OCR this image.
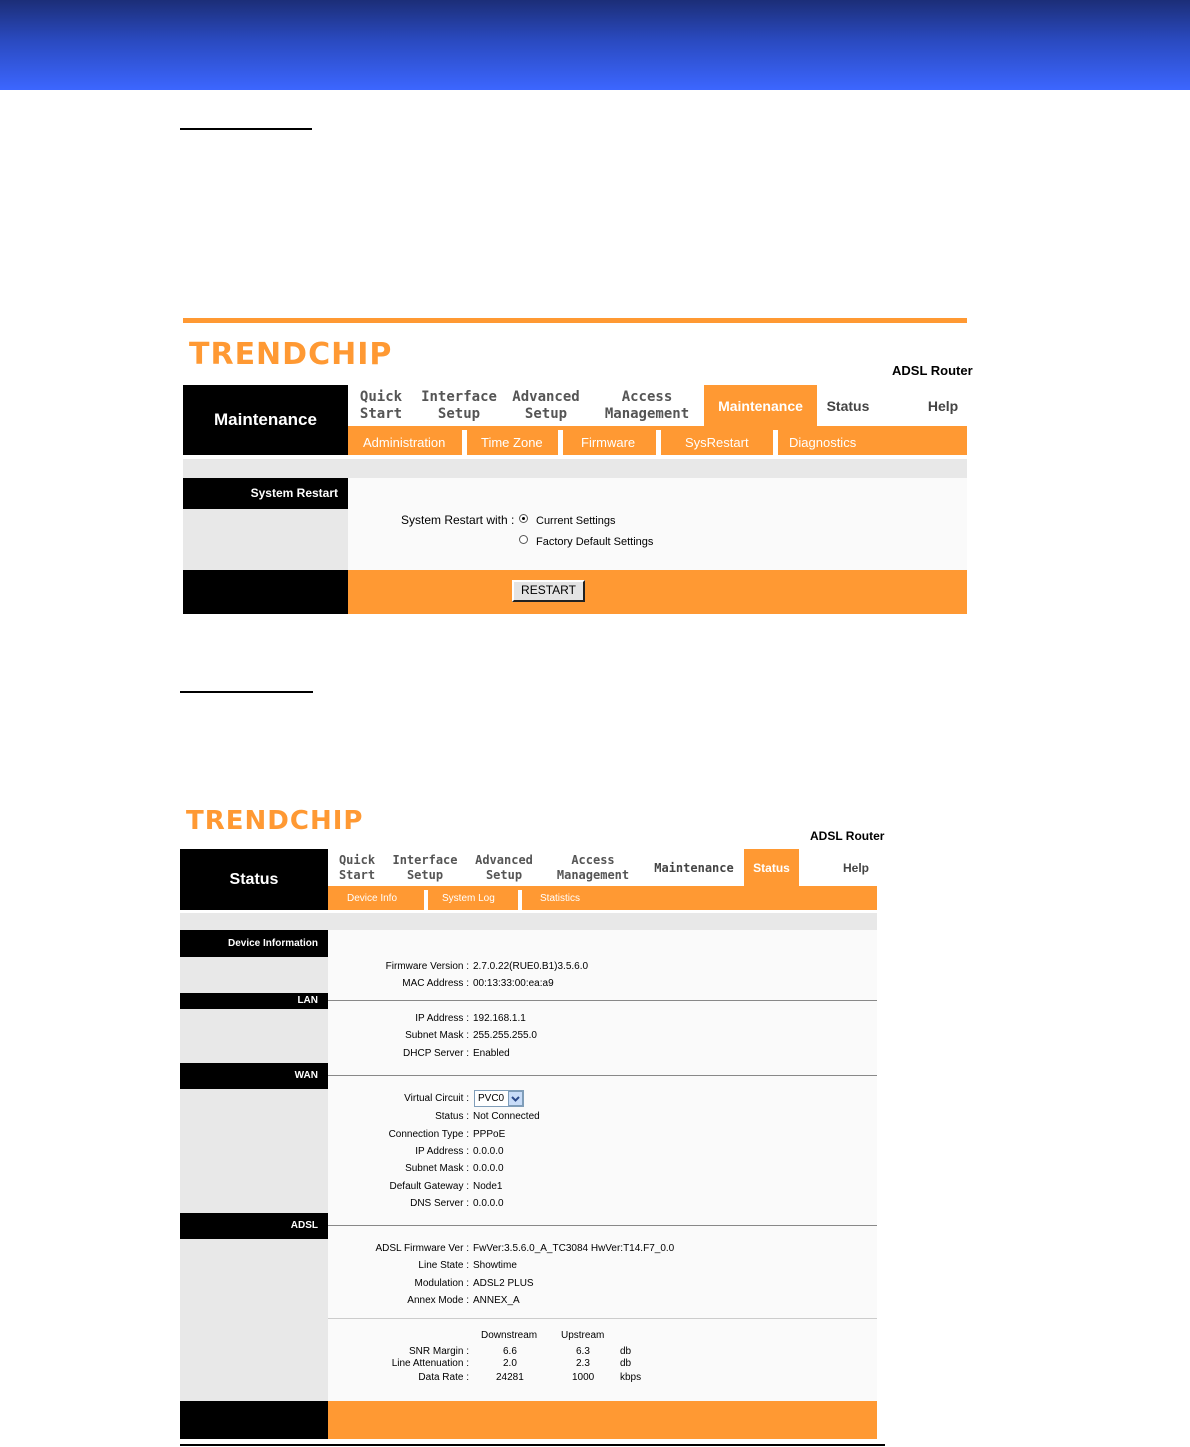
TRENDCHIP	ADSL Router
Maintenance
Quick
Start
Interface
Setup
Advanced
Setup
Access
Management
Maintenance	Status	Help
Administration	Time Zone	Firmware	SysRestart	Diagnostics
System Restart
System Restart with : Current Settings
Factory Default Settings
RESTART
TRENDCHIP	ADSL Router
Status
Quick
Start
Interface
Setup
Advanced
Setup
Access
Management	Maintenance	Status	Help
Device Info	System Log	Statistics
Device Information
LAN
WAN
ADSL
Firmware Version : 2.7.0.22(RUE0.B1)3.5.6.0
MAC Address : 00:13:33:00:ea:a9
IP Address : 192.168.1.1
Subnet Mask : 255.255.255.0
DHCP Server : Enabled
Virtual Circuit : PVC0
Status : Not Connected
Connection Type : PPPoE
IP Address : 0.0.0.0
Subnet Mask : 0.0.0.0
Default Gateway : Node1
DNS Server : 0.0.0.0
ADSL Firmware Ver : FwVer:3.5.6.0_A_TC3084 HwVer:T14.F7_0.0
Line State : Showtime
Modulation : ADSL2 PLUS
Annex Mode : ANNEX_A
Downstream Upstream
SNR Margin :	6.6	6.3	db
Line Attenuation :	2.0	2.3	db
Data Rate :	24281	1000	kbps
